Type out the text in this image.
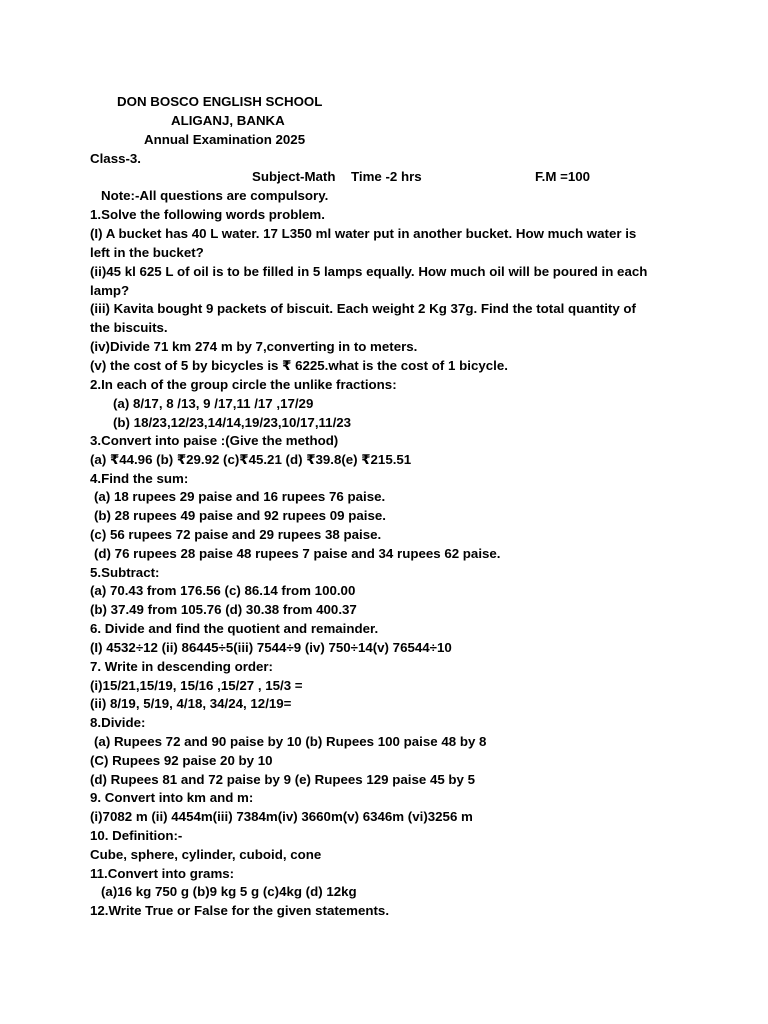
DON BOSCO ENGLISH SCHOOL
ALIGANJ, BANKA
Annual Examination 2025
Class-3.
Subject-Math Time -2 hrs	F.M =100
Note:-All questions are compulsory.
1.Solve the following words problem.
(I) A bucket has 40 L water. 17 L350 ml water put in another bucket. How much water is
left in the bucket?
(ii)45 kl 625 L of oil is to be filled in 5 lamps equally. How much oil will be poured in each
lamp?
(iii) Kavita bought 9 packets of biscuit. Each weight 2 Kg 37g. Find the total quantity of
the biscuits.
(iv)Divide 71 km 274 m by 7,converting in to meters.
(v) the cost of 5 by bicycles is ₹ 6225.what is the cost of 1 bicycle.
2.In each of the group circle the unlike fractions:
(a) 8/17, 8 /13, 9 /17,11 /17 ,17/29
(b) 18/23,12/23,14/14,19/23,10/17,11/23
3.Convert into paise :(Give the method)
(a) ₹44.96 (b) ₹29.92 (c)₹45.21 (d) ₹39.8(e) ₹215.51
4.Find the sum:
(a) 18 rupees 29 paise and 16 rupees 76 paise.
(b) 28 rupees 49 paise and 92 rupees 09 paise.
(c) 56 rupees 72 paise and 29 rupees 38 paise.
(d) 76 rupees 28 paise 48 rupees 7 paise and 34 rupees 62 paise.
5.Subtract:
(a) 70.43 from 176.56 (c) 86.14 from 100.00
(b) 37.49 from 105.76 (d) 30.38 from 400.37
6. Divide and find the quotient and remainder.
(I) 4532÷12 (ii) 86445÷5(iii) 7544÷9 (iv) 750÷14(v) 76544÷10
7. Write in descending order:
(i)15/21,15/19, 15/16 ,15/27 , 15/3 =
(ii) 8/19, 5/19, 4/18, 34/24, 12/19=
8.Divide:
(a) Rupees 72 and 90 paise by 10 (b) Rupees 100 paise 48 by 8
(C) Rupees 92 paise 20 by 10
(d) Rupees 81 and 72 paise by 9 (e) Rupees 129 paise 45 by 5
9. Convert into km and m:
(i)7082 m (ii) 4454m(iii) 7384m(iv) 3660m(v) 6346m (vi)3256 m
10. Definition:-
Cube, sphere, cylinder, cuboid, cone
11.Convert into grams:
(a)16 kg 750 g (b)9 kg 5 g (c)4kg (d) 12kg
12.Write True or False for the given statements.
